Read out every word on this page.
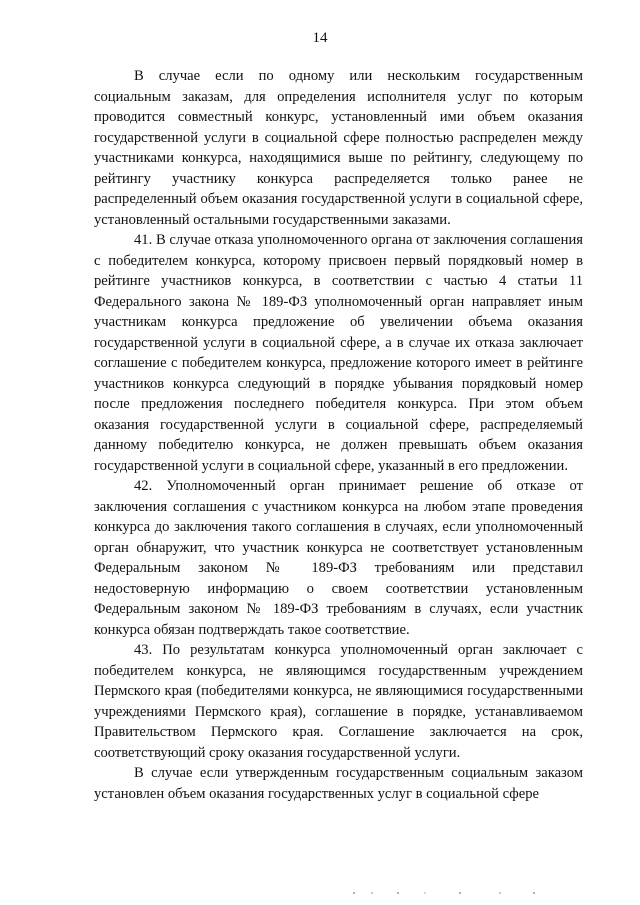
14

В случае если по одному или нескольким государственным социальным заказам, для определения исполнителя услуг по которым проводится совместный конкурс, установленный ими объем оказания государственной услуги в социальной сфере полностью распределен между участниками конкурса, находящимися выше по рейтингу, следующему по рейтингу участнику конкурса распределяется только ранее не распределенный объем оказания государственной услуги в социальной сфере, установленный остальными государственными заказами.

41. В случае отказа уполномоченного органа от заключения соглашения с победителем конкурса, которому присвоен первый порядковый номер в рейтинге участников конкурса, в соответствии с частью 4 статьи 11 Федерального закона № 189-ФЗ уполномоченный орган направляет иным участникам конкурса предложение об увеличении объема оказания государственной услуги в социальной сфере, а в случае их отказа заключает соглашение с победителем конкурса, предложение которого имеет в рейтинге участников конкурса следующий в порядке убывания порядковый номер после предложения последнего победителя конкурса. При этом объем оказания государственной услуги в социальной сфере, распределяемый данному победителю конкурса, не должен превышать объем оказания государственной услуги в социальной сфере, указанный в его предложении.

42. Уполномоченный орган принимает решение об отказе от заключения соглашения с участником конкурса на любом этапе проведения конкурса до заключения такого соглашения в случаях, если уполномоченный орган обнаружит, что участник конкурса не соответствует установленным Федеральным законом № 189-ФЗ требованиям или представил недостоверную информацию о своем соответствии установленным Федеральным законом № 189-ФЗ требованиям в случаях, если участник конкурса обязан подтверждать такое соответствие.

43. По результатам конкурса уполномоченный орган заключает с победителем конкурса, не являющимся государственным учреждением Пермского края (победителями конкурса, не являющимися государственными учреждениями Пермского края), соглашение в порядке, устанавливаемом Правительством Пермского края. Соглашение заключается на срок, соответствующий сроку оказания государственной услуги.

В случае если утвержденным государственным социальным заказом установлен объем оказания государственных услуг в социальной сфере
